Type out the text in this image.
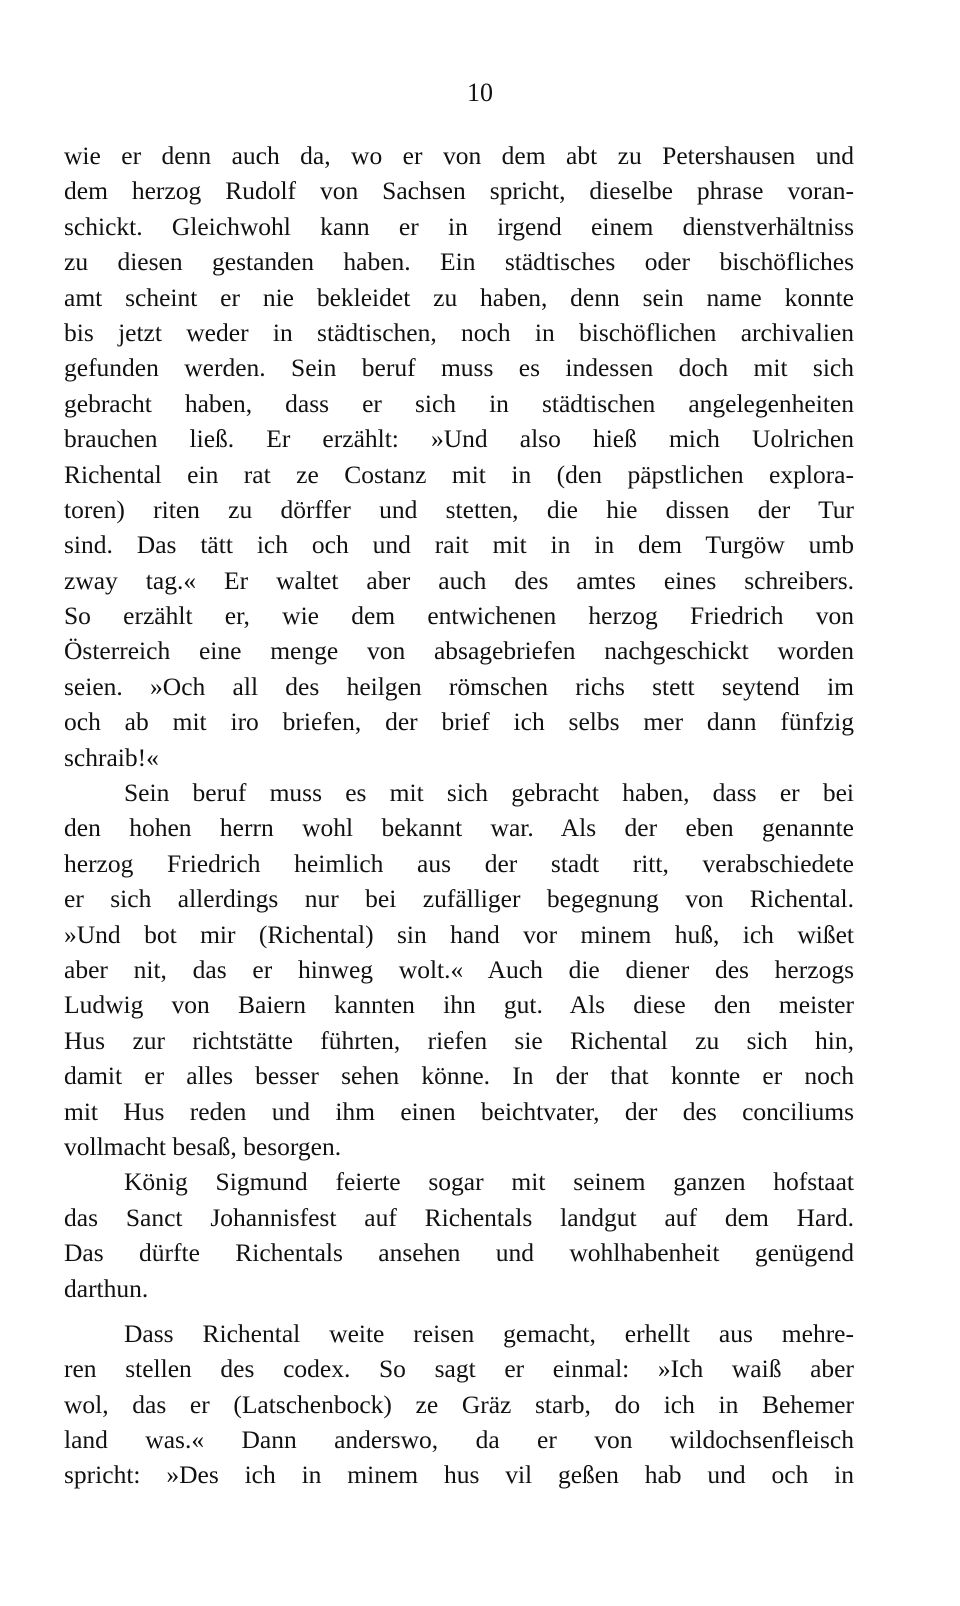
10
wie er denn auch da, wo er von dem abt zu Petershausen und
dem herzog Rudolf von Sachsen spricht, dieselbe phrase voran-
schickt. Gleichwohl kann er in irgend einem dienstverhältniss
zu diesen gestanden haben. Ein städtisches oder bischöfliches
amt scheint er nie bekleidet zu haben, denn sein name konnte
bis jetzt weder in städtischen, noch in bischöflichen archivalien
gefunden werden. Sein beruf muss es indessen doch mit sich
gebracht haben, dass er sich in städtischen angelegenheiten
brauchen ließ. Er erzählt: »Und also hieß mich Uolrichen
Richental ein rat ze Costanz mit in (den päpstlichen explora-
toren) riten zu dörffer und stetten, die hie dissen der Tur
sind. Das tätt ich och und rait mit in in dem Turgöw umb
zway tag.« Er waltet aber auch des amtes eines schreibers.
So erzählt er, wie dem entwichenen herzog Friedrich von
Österreich eine menge von absagebriefen nachgeschickt worden
seien. »Och all des heilgen römschen richs stett seytend im
och ab mit iro briefen, der brief ich selbs mer dann fünfzig
schraib!«
Sein beruf muss es mit sich gebracht haben, dass er bei
den hohen herrn wohl bekannt war. Als der eben genannte
herzog Friedrich heimlich aus der stadt ritt, verabschiedete
er sich allerdings nur bei zufälliger begegnung von Richental.
»Und bot mir (Richental) sin hand vor minem huß, ich wißet
aber nit, das er hinweg wolt.« Auch die diener des herzogs
Ludwig von Baiern kannten ihn gut. Als diese den meister
Hus zur richtstätte führten, riefen sie Richental zu sich hin,
damit er alles besser sehen könne. In der that konnte er noch
mit Hus reden und ihm einen beichtvater, der des conciliums
vollmacht besaß, besorgen.
König Sigmund feierte sogar mit seinem ganzen hofstaat
das Sanct Johannisfest auf Richentals landgut auf dem Hard.
Das dürfte Richentals ansehen und wohlhabenheit genügend
darthun.
Dass Richental weite reisen gemacht, erhellt aus mehre-
ren stellen des codex. So sagt er einmal: »Ich waiß aber
wol, das er (Latschenbock) ze Gräz starb, do ich in Behemer
land was.« Dann anderswo, da er von wildochsenfleisch
spricht: »Des ich in minem hus vil geßen hab und och in
